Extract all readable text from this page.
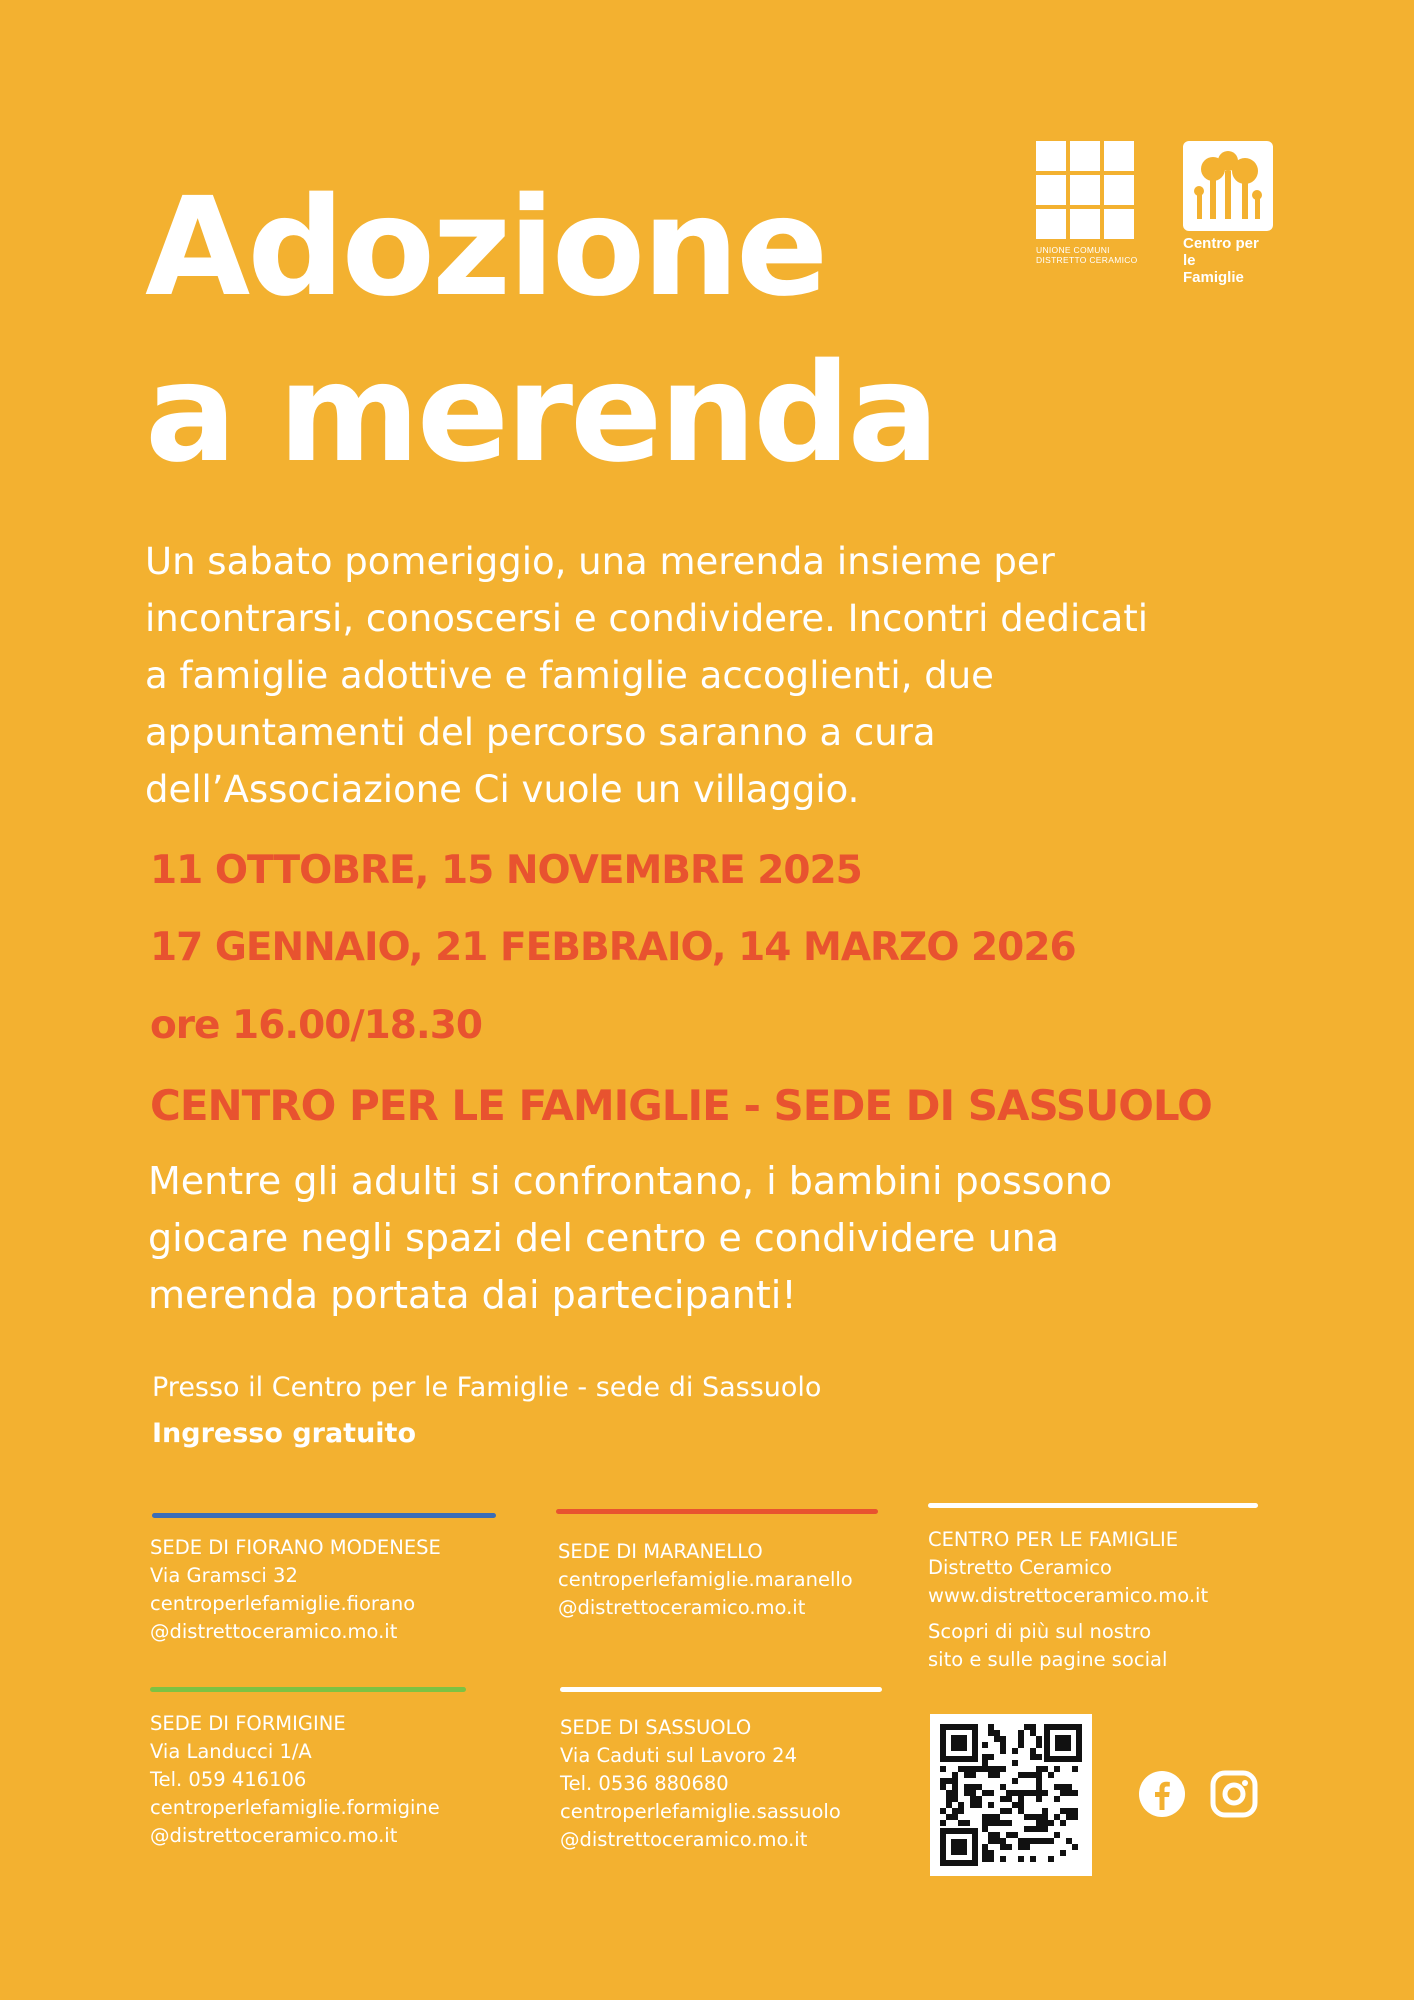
UNIONE COMUNI
DISTRETTO CERAMICO
Centro per le
Famiglie
Adozione
a merenda
Un sabato pomeriggio, una merenda insieme per
incontrarsi, conoscersi e condividere. Incontri dedicati
a famiglie adottive e famiglie accoglienti, due
appuntamenti del percorso saranno a cura
dell’Associazione Ci vuole un villaggio.
11 OTTOBRE, 15 NOVEMBRE 2025
17 GENNAIO, 21 FEBBRAIO, 14 MARZO 2026
ore 16.00/18.30
CENTRO PER LE FAMIGLIE - SEDE DI SASSUOLO
Mentre gli adulti si confrontano, i bambini possono
giocare negli spazi del centro e condividere una
merenda portata dai partecipanti!
Presso il Centro per le Famiglie - sede di Sassuolo
Ingresso gratuito
SEDE DI FIORANO MODENESE
Via Gramsci 32
centroperlefamiglie.fiorano
@distrettoceramico.mo.it
SEDE DI MARANELLO
centroperlefamiglie.maranello
@distrettoceramico.mo.it
CENTRO PER LE FAMIGLIE
Distretto Ceramico
www.distrettoceramico.mo.it
Scopri di più sul nostro
sito e sulle pagine social
SEDE DI FORMIGINE
Via Landucci 1/A
Tel. 059 416106
centroperlefamiglie.formigine
@distrettoceramico.mo.it
SEDE DI SASSUOLO
Via Caduti sul Lavoro 24
Tel. 0536 880680
centroperlefamiglie.sassuolo
@distrettoceramico.mo.it
